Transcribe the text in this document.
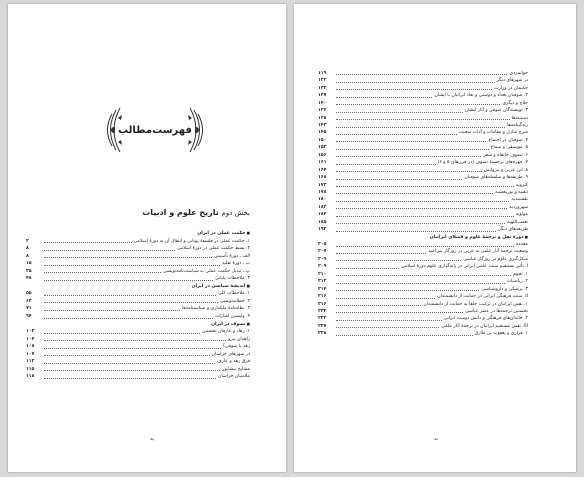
فهرست‌مطالب
بخش دوم تاریخ علوم و ادبیات
■ حکمت عملی در ایران
۱. حکمت عملی در فلسفهٔ یونانی و انتقال آن به دورهٔ اسلامی
۲
۲. بسط حکمت عملی در دورهٔ اسلامی
۸
الف ـ دورهٔ تأسیس
۸
ب ـ دورهٔ تقلید
۱۵
پ ـ تبدیل حکمت عملی به سیاست‌نامه‌نویسی
۲۵
۳. ملاحظات پایانی
۴۸
■ اندیشهٔ سیاسی در ایران
۱. ملاحظات کلی
۵۵
۲. خطابه‌نویسی
۶۳
۳. نظامنامهٔ ملکداری و سیاستنامه‌ها
۷۱
۴. واپسین اشارات
۹۴
■ تصوف در ایران
۱. زهاد و عارفان نخستین
۱۰۲
زاهدان پیرو
۱۰۴
زهد یا صوفی؟
۱۰۸
در شهرهای خراسان
۱۰۷
فرق زهد و عارف
۱۱۲
مشایخ نیشابور
۱۱۵
ملامتیان خراسان
۱۱۸
یه
جوانمردی
۱۱۹
در شهرهای دیگر
۱۲۲
حکیمان در وزارت
۱۳۲
۲. صوفیان بغداد و دوستی و نفاذ ایرانیان با ایشان
۱۳۷
حلاج و دیگری
۱۴۰
۳. نویسندگان صوفی و آثار ایشان
۱۳۶
دستینه‌ها
۱۳۸
زندگینامه‌ها
۱۴۳
شرح منازل و مقامات و آداب صحبت
۱۴۵
۴. صوفیان در اجتماع
۱۵۰
۵. موسیقی و سماع
۱۵۲
۶. تصوف خانقاه و شعر
۱۵۶
۷. چهره‌های برجستهٔ تصوف (در قرن‌های ۵ و ۶)
۱۶۱
۸. ابن عربی و پیروانش
۱۶۴
۹. طریقه‌ها و سلسله‌های صوفیان
۱۶۸
کبرویه
۱۷۳
ذهبیه و نوربخشیه
۱۷۸
نقشبندیه
۱۸۰
سهروردیه
۱۸۲
مولویه
۱۸۴
نعمت‌اللهیه
۱۸۵
طریقه‌های دیگر
۱۹۲
■ دورهٔ نقل و ترجمهٔ علوم و فضلای ایرانیان
مقدمه
۲۰۵
وضعیت ترجمهٔ آثار علمی به عربی در روزگار بنی‌امیه
۲۰۷
شکل‌گیری علوم در روزگار عباسی
۲۰۹
I. تأثیر مستقیم سنت علمی ایرانی در پایه‌گذاری علوم دورهٔ اسلامی
۲۰۹
۱. نجوم
۲۱۰
۲. ریاضیات
۲۱۲
۳. پزشکی و داروشناسی
۲۱۴
II. سنت فرهنگی ایرانی در حمایت از دانشمندان
۲۱۶
۱. نقش ایرانیان در ترغیب خلفا به حمایت از دانشمندان
۲۱۶
نخستین ترجمه‌ها در عصر عباسی
۲۲۲
۲. خاندان‌های فرهنگی و دانش دوست ایرانی
۲۲۳
III. نقش مستقیم ایرانیان در ترجمهٔ آثار علمی
۲۲۷
۱. فزاری و یعقوب بن طارق
۲۲۸
نه
